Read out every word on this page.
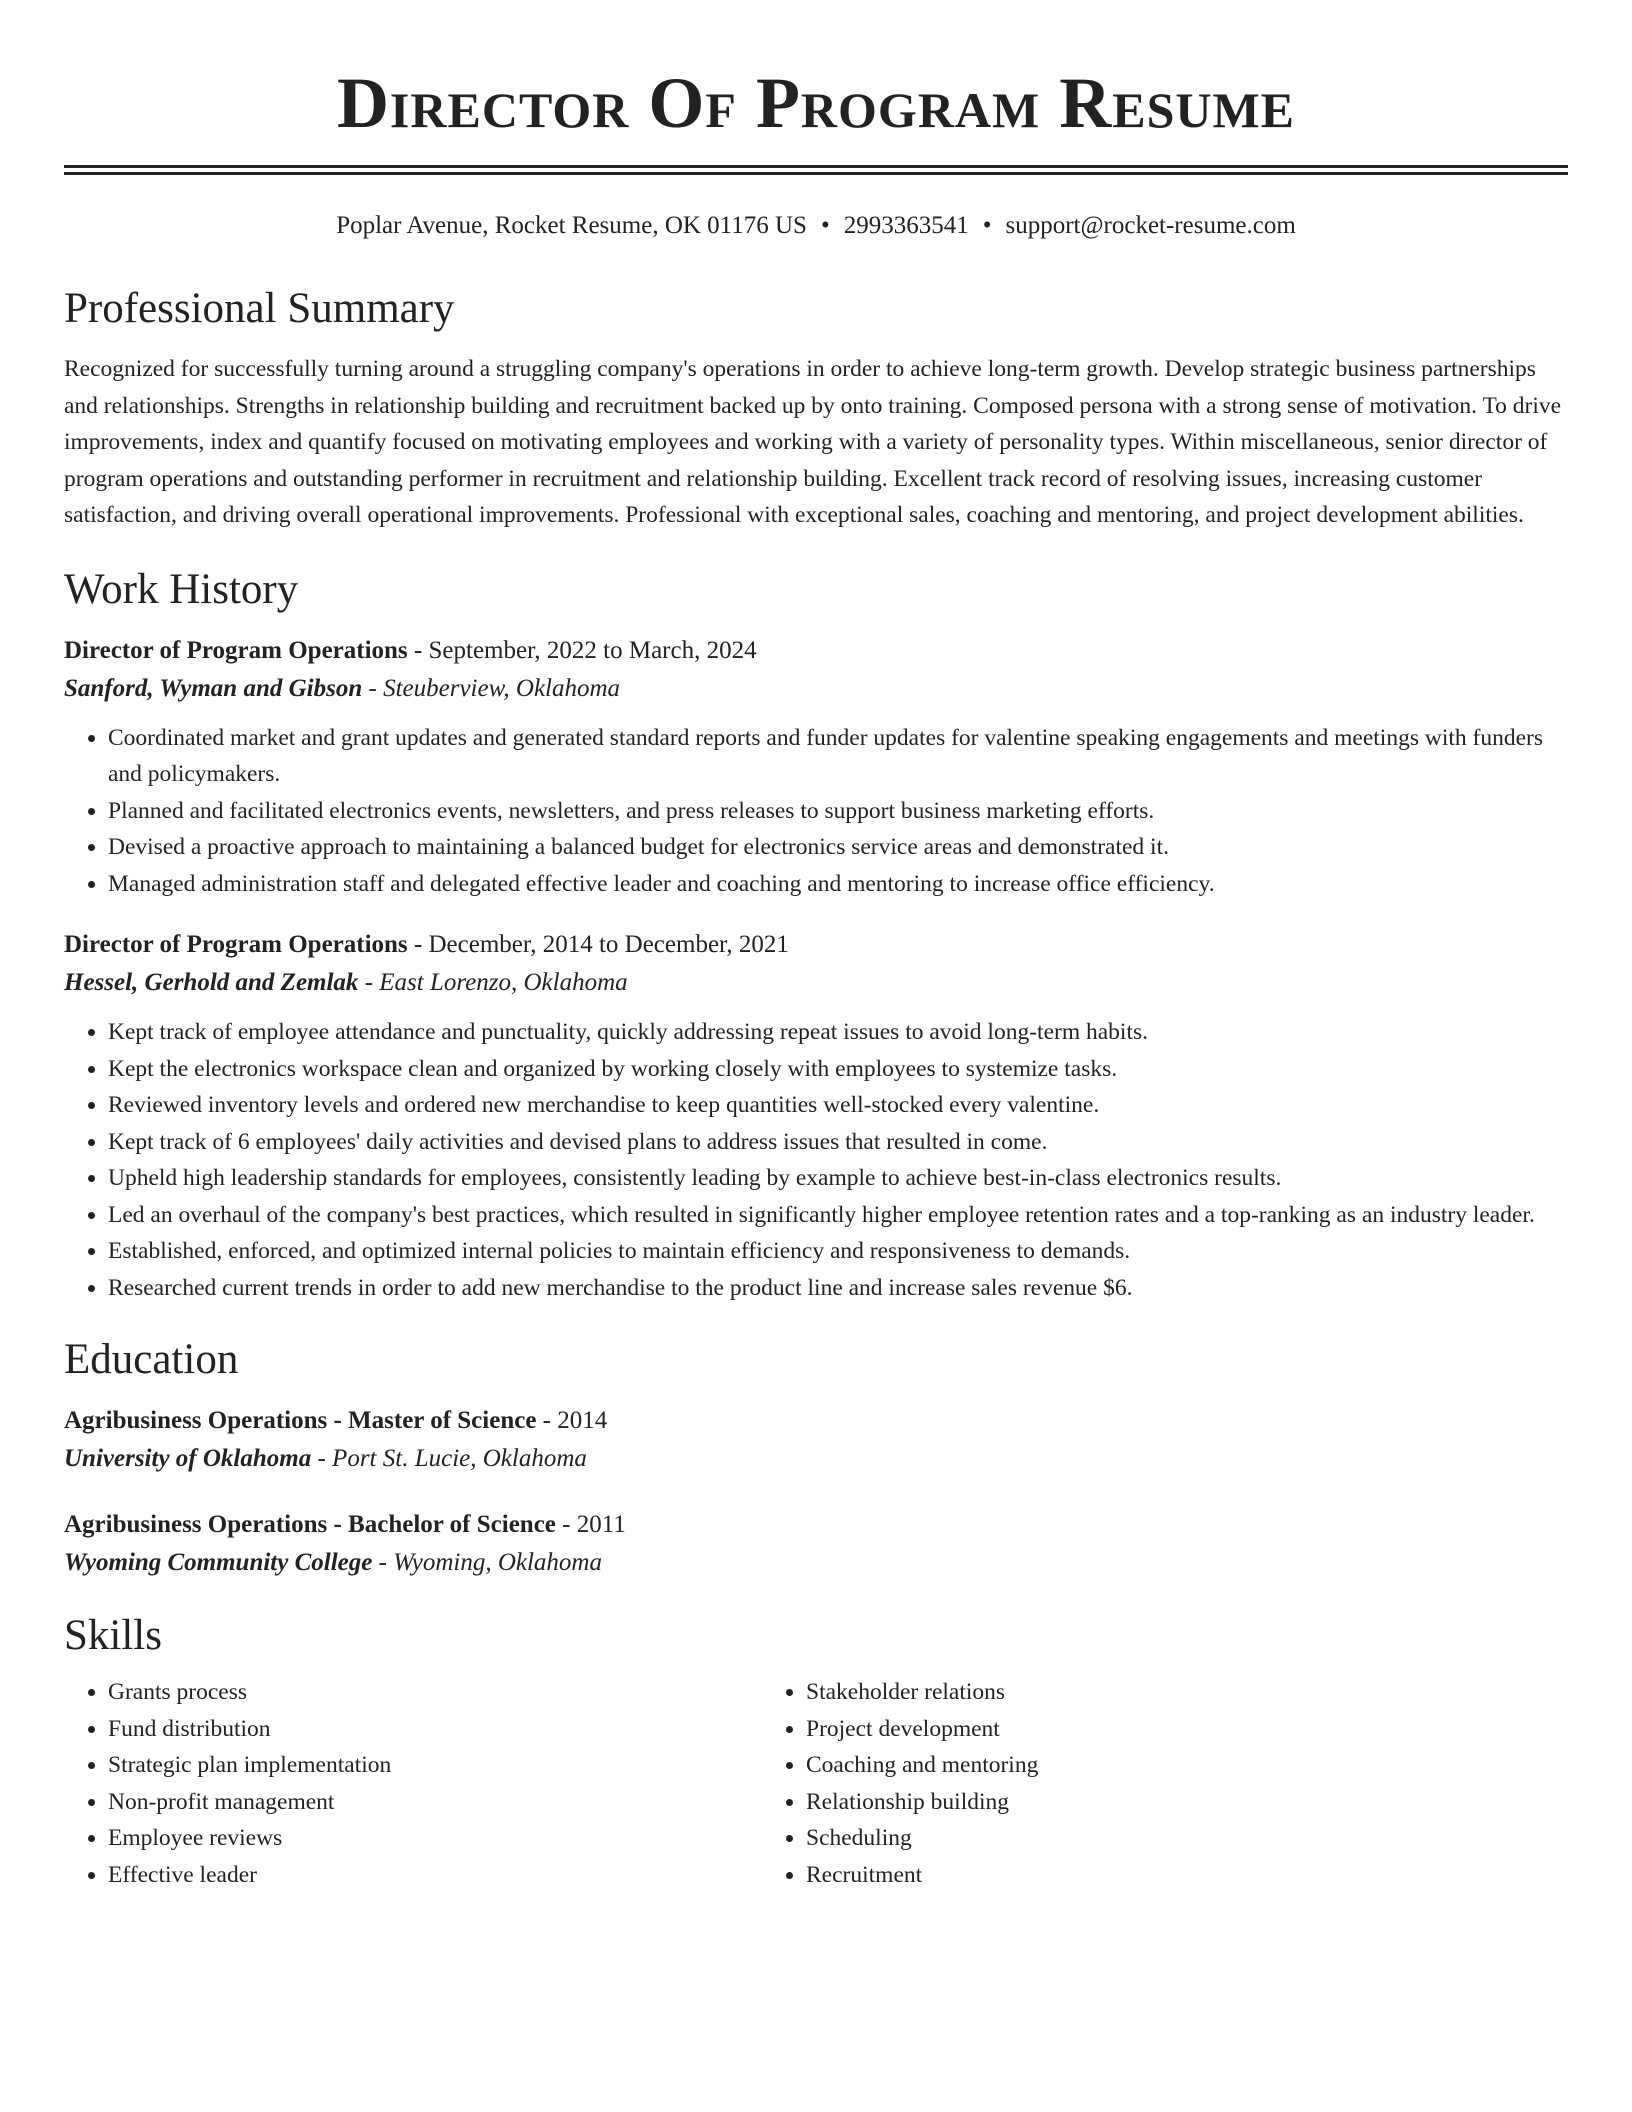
Director Of Program Resume
Poplar Avenue, Rocket Resume, OK 01176 US • 2993363541 • support@rocket-resume.com
Professional Summary
Recognized for successfully turning around a struggling company's operations in order to achieve long-term growth. Develop strategic business partnerships and relationships. Strengths in relationship building and recruitment backed up by onto training. Composed persona with a strong sense of motivation. To drive improvements, index and quantify focused on motivating employees and working with a variety of personality types. Within miscellaneous, senior director of program operations and outstanding performer in recruitment and relationship building. Excellent track record of resolving issues, increasing customer satisfaction, and driving overall operational improvements. Professional with exceptional sales, coaching and mentoring, and project development abilities.
Work History
Director of Program Operations - September, 2022 to March, 2024
Sanford, Wyman and Gibson - Steuberview, Oklahoma
• Coordinated market and grant updates and generated standard reports and funder updates for valentine speaking engagements and meetings with funders and policymakers.
• Planned and facilitated electronics events, newsletters, and press releases to support business marketing efforts.
• Devised a proactive approach to maintaining a balanced budget for electronics service areas and demonstrated it.
• Managed administration staff and delegated effective leader and coaching and mentoring to increase office efficiency.
Director of Program Operations - December, 2014 to December, 2021
Hessel, Gerhold and Zemlak - East Lorenzo, Oklahoma
• Kept track of employee attendance and punctuality, quickly addressing repeat issues to avoid long-term habits.
• Kept the electronics workspace clean and organized by working closely with employees to systemize tasks.
• Reviewed inventory levels and ordered new merchandise to keep quantities well-stocked every valentine.
• Kept track of 6 employees' daily activities and devised plans to address issues that resulted in come.
• Upheld high leadership standards for employees, consistently leading by example to achieve best-in-class electronics results.
• Led an overhaul of the company's best practices, which resulted in significantly higher employee retention rates and a top-ranking as an industry leader.
• Established, enforced, and optimized internal policies to maintain efficiency and responsiveness to demands.
• Researched current trends in order to add new merchandise to the product line and increase sales revenue $6.
Education
Agribusiness Operations - Master of Science - 2014
University of Oklahoma - Port St. Lucie, Oklahoma
Agribusiness Operations - Bachelor of Science - 2011
Wyoming Community College - Wyoming, Oklahoma
Skills
• Grants process
• Fund distribution
• Strategic plan implementation
• Non-profit management
• Employee reviews
• Effective leader
• Stakeholder relations
• Project development
• Coaching and mentoring
• Relationship building
• Scheduling
• Recruitment
